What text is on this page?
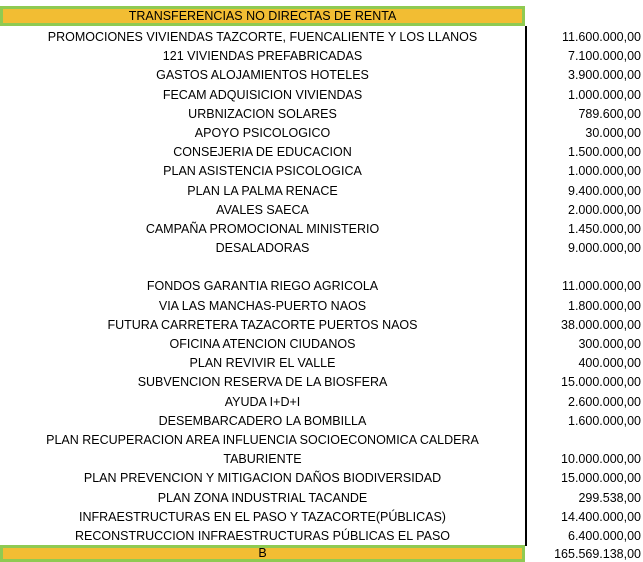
TRANSFERENCIAS NO DIRECTAS DE RENTA
PROMOCIONES VIVIENDAS TAZCORTE, FUENCALIENTE Y LOS LLANOS	11.600.000,00
121 VIVIENDAS PREFABRICADAS	7.100.000,00
GASTOS ALOJAMIENTOS HOTELES	3.900.000,00
FECAM ADQUISICION VIVIENDAS	1.000.000,00
URBNIZACION SOLARES	789.600,00
APOYO PSICOLOGICO	30.000,00
CONSEJERIA DE EDUCACION	1.500.000,00
PLAN ASISTENCIA PSICOLOGICA	1.000.000,00
PLAN LA PALMA RENACE	9.400.000,00
AVALES SAECA	2.000.000,00
CAMPAÑA PROMOCIONAL MINISTERIO	1.450.000,00
DESALADORAS	9.000.000,00
FONDOS GARANTIA RIEGO AGRICOLA	11.000.000,00
VIA LAS MANCHAS-PUERTO NAOS	1.800.000,00
FUTURA CARRETERA TAZACORTE PUERTOS NAOS	38.000.000,00
OFICINA ATENCION CIUDANOS	300.000,00
PLAN REVIVIR EL VALLE	400.000,00
SUBVENCION RESERVA DE LA BIOSFERA	15.000.000,00
AYUDA I+D+I	2.600.000,00
DESEMBARCADERO LA BOMBILLA	1.600.000,00
PLAN RECUPERACION AREA INFLUENCIA SOCIOECONOMICA CALDERA
TABURIENTE	10.000.000,00
PLAN PREVENCION Y MITIGACION DAÑOS BIODIVERSIDAD	15.000.000,00
PLAN ZONA INDUSTRIAL TACANDE	299.538,00
INFRAESTRUCTURAS EN EL PASO Y TAZACORTE(PÚBLICAS)	14.400.000,00
RECONSTRUCCION INFRAESTRUCTURAS PÚBLICAS EL PASO	6.400.000,00
B	165.569.138,00
